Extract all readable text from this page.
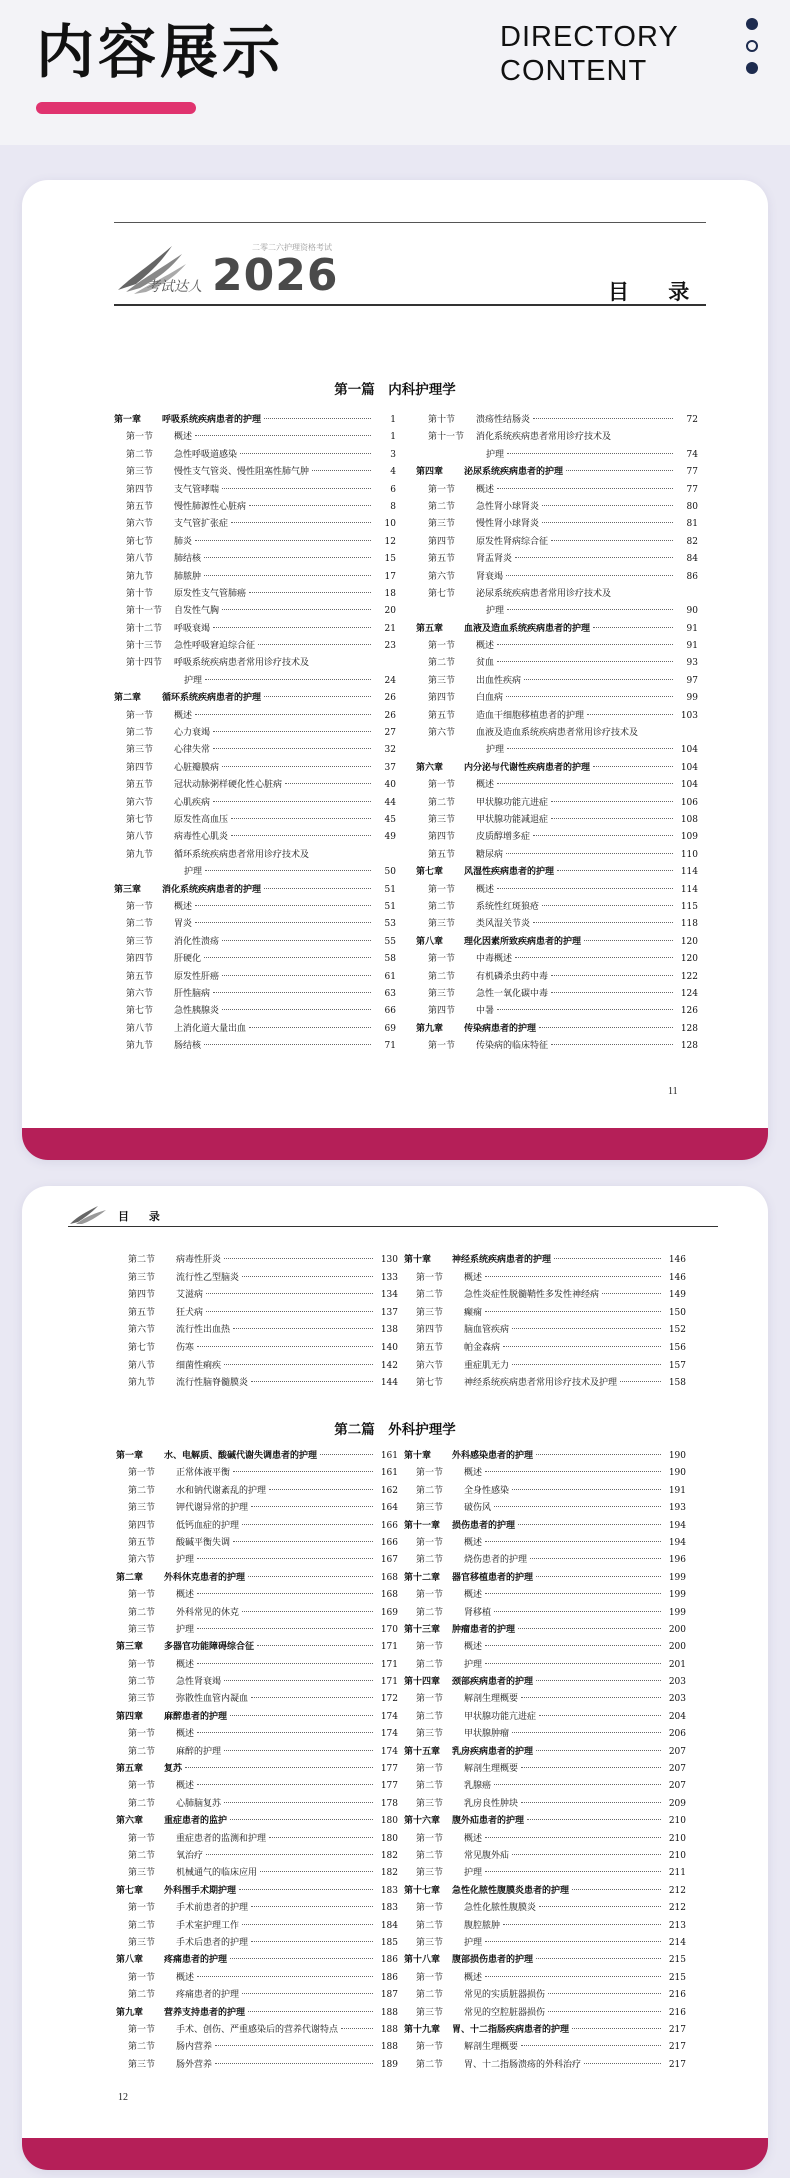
内容展示	DIRECTORY
CONTENT
二零二六护理资格考试
考试达人 2026	目 录
第一篇　内科护理学
第一章 呼吸系统疾病患者的护理	1
第一节 概述	1
第二节 急性呼吸道感染	3
第三节 慢性支气管炎、慢性阻塞性肺气肿	4
第四节 支气管哮喘	6
第五节 慢性肺源性心脏病	8
第六节 支气管扩张症	10
第七节 肺炎	12
第八节 肺结核	15
第九节 肺脓肿	17
第十节 原发性支气管肺癌	18
第十一节 自发性气胸	20
第十二节 呼吸衰竭	21
第十三节 急性呼吸窘迫综合征	23
第十四节 呼吸系统疾病患者常用诊疗技术及
护理	24
第二章 循环系统疾病患者的护理	26
第一节 概述	26
第二节 心力衰竭	27
第三节 心律失常	32
第四节 心脏瓣膜病	37
第五节 冠状动脉粥样硬化性心脏病	40
第六节 心肌疾病	44
第七节 原发性高血压	45
第八节 病毒性心肌炎	49
第九节 循环系统疾病患者常用诊疗技术及
护理	50
第三章 消化系统疾病患者的护理	51
第一节 概述	51
第二节 胃炎	53
第三节 消化性溃疡	55
第四节 肝硬化	58
第五节 原发性肝癌	61
第六节 肝性脑病	63
第七节 急性胰腺炎	66
第八节 上消化道大量出血	69
第九节 肠结核	71
第十节 溃疡性结肠炎	72
第十一节 消化系统疾病患者常用诊疗技术及
护理	74
第四章 泌尿系统疾病患者的护理	77
第一节 概述	77
第二节 急性肾小球肾炎	80
第三节 慢性肾小球肾炎	81
第四节 原发性肾病综合征	82
第五节 肾盂肾炎	84
第六节 肾衰竭	86
第七节 泌尿系统疾病患者常用诊疗技术及
护理	90
第五章 血液及造血系统疾病患者的护理	91
第一节 概述	91
第二节 贫血	93
第三节 出血性疾病	97
第四节 白血病	99
第五节 造血干细胞移植患者的护理	103
第六节 血液及造血系统疾病患者常用诊疗技术及
护理	104
第六章 内分泌与代谢性疾病患者的护理	104
第一节 概述	104
第二节 甲状腺功能亢进症	106
第三节 甲状腺功能减退症	108
第四节 皮质醇增多症	109
第五节 糖尿病	110
第七章 风湿性疾病患者的护理	114
第一节 概述	114
第二节 系统性红斑狼疮	115
第三节 类风湿关节炎	118
第八章 理化因素所致疾病患者的护理	120
第一节 中毒概述	120
第二节 有机磷杀虫药中毒	122
第三节 急性一氧化碳中毒	124
第四节 中暑	126
第九章 传染病患者的护理	128
第一节 传染病的临床特征	128
11
目 录
第二节 病毒性肝炎	130
第三节 流行性乙型脑炎	133
第四节 艾滋病	134
第五节 狂犬病	137
第六节 流行性出血热	138
第七节 伤寒	140
第八节 细菌性痢疾	142
第九节 流行性脑脊髓膜炎	144
第十章 神经系统疾病患者的护理	146
第一节 概述	146
第二节 急性炎症性脱髓鞘性多发性神经病	149
第三节 癫痫	150
第四节 脑血管疾病	152
第五节 帕金森病	156
第六节 重症肌无力	157
第七节 神经系统疾病患者常用诊疗技术及护理	158
第二篇　外科护理学
第一章 水、电解质、酸碱代谢失调患者的护理	161
第一节 正常体液平衡	161
第二节 水和钠代谢紊乱的护理	162
第三节 钾代谢异常的护理	164
第四节 低钙血症的护理	166
第五节 酸碱平衡失调	166
第六节 护理	167
第二章 外科休克患者的护理	168
第一节 概述	168
第二节 外科常见的休克	169
第三节 护理	170
第三章 多器官功能障碍综合征	171
第一节 概述	171
第二节 急性肾衰竭	171
第三节 弥散性血管内凝血	172
第四章 麻醉患者的护理	174
第一节 概述	174
第二节 麻醉的护理	174
第五章 复苏	177
第一节 概述	177
第二节 心肺脑复苏	178
第六章 重症患者的监护	180
第一节 重症患者的监测和护理	180
第二节 氧治疗	182
第三节 机械通气的临床应用	182
第七章 外科围手术期护理	183
第一节 手术前患者的护理	183
第二节 手术室护理工作	184
第三节 手术后患者的护理	185
第八章 疼痛患者的护理	186
第一节 概述	186
第二节 疼痛患者的护理	187
第九章 营养支持患者的护理	188
第一节 手术、创伤、严重感染后的营养代谢特点	188
第二节 肠内营养	188
第三节 肠外营养	189
第十章 外科感染患者的护理	190
第一节 概述	190
第二节 全身性感染	191
第三节 破伤风	193
第十一章 损伤患者的护理	194
第一节 概述	194
第二节 烧伤患者的护理	196
第十二章 器官移植患者的护理	199
第一节 概述	199
第二节 肾移植	199
第十三章 肿瘤患者的护理	200
第一节 概述	200
第二节 护理	201
第十四章 颈部疾病患者的护理	203
第一节 解剖生理概要	203
第二节 甲状腺功能亢进症	204
第三节 甲状腺肿瘤	206
第十五章 乳房疾病患者的护理	207
第一节 解剖生理概要	207
第二节 乳腺癌	207
第三节 乳房良性肿块	209
第十六章 腹外疝患者的护理	210
第一节 概述	210
第二节 常见腹外疝	210
第三节 护理	211
第十七章 急性化脓性腹膜炎患者的护理	212
第一节 急性化脓性腹膜炎	212
第二节 腹腔脓肿	213
第三节 护理	214
第十八章 腹部损伤患者的护理	215
第一节 概述	215
第二节 常见的实质脏器损伤	216
第三节 常见的空腔脏器损伤	216
第十九章 胃、十二指肠疾病患者的护理	217
第一节 解剖生理概要	217
第二节 胃、十二指肠溃疡的外科治疗	217
12
